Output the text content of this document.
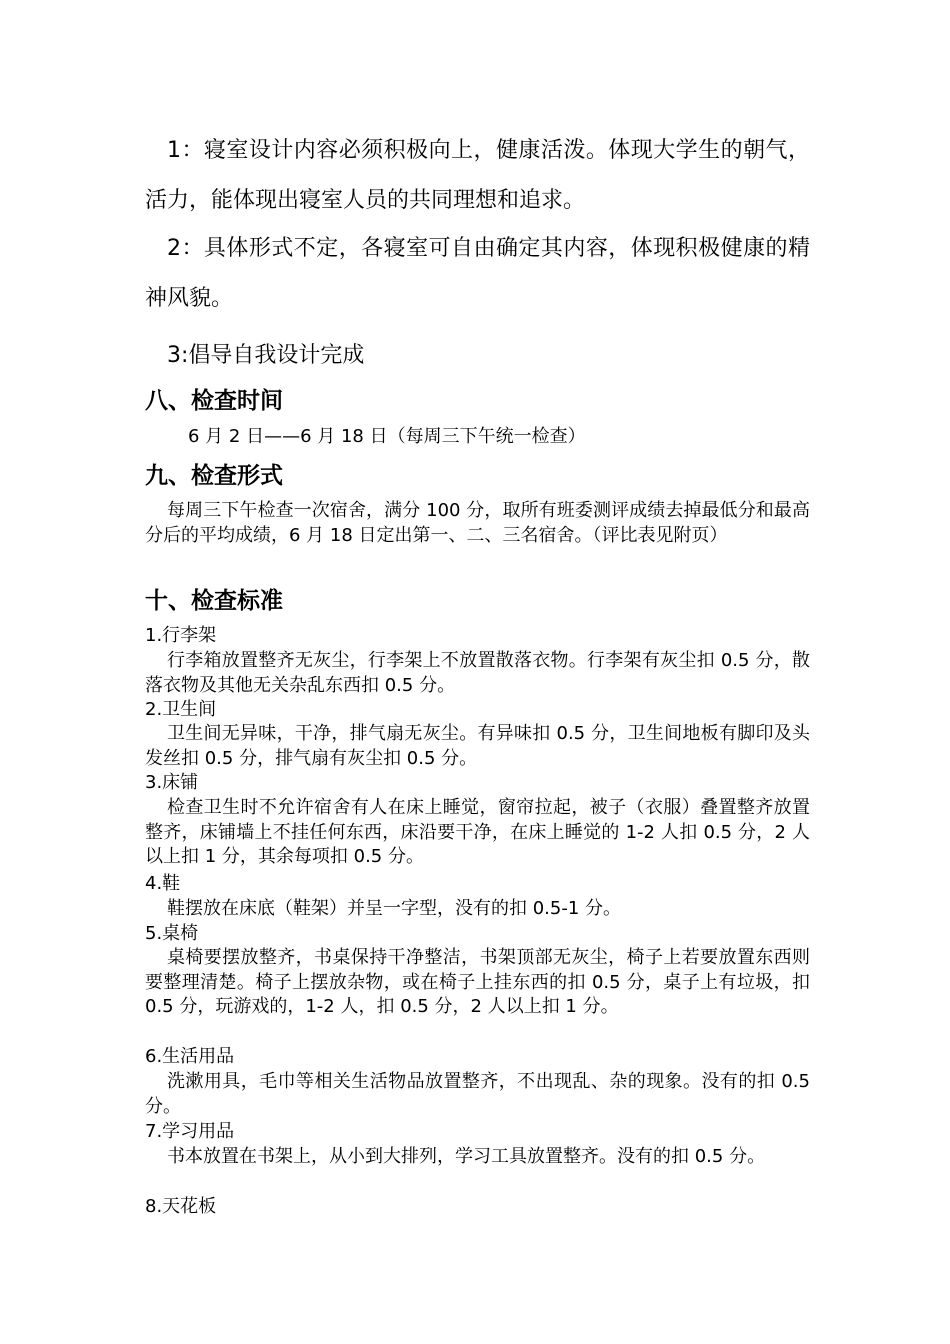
1：寝室设计内容必须积极向上，健康活泼。体现大学生的朝气，活力，能体现出寝室人员的共同理想和追求。

2：具体形式不定，各寝室可自由确定其内容，体现积极健康的精神风貌。

3:倡导自我设计完成

八、检查时间

6 月 2 日——6 月 18 日（每周三下午统一检查）

九、检查形式

每周三下午检查一次宿舍，满分 100 分，取所有班委测评成绩去掉最低分和最高分后的平均成绩，6 月 18 日定出第一、二、三名宿舍。（评比表见附页）

十、检查标准

1.行李架

行李箱放置整齐无灰尘，行李架上不放置散落衣物。行李架有灰尘扣 0.5 分，散落衣物及其他无关杂乱东西扣 0.5 分。

2.卫生间

卫生间无异味，干净，排气扇无灰尘。有异味扣 0.5 分，卫生间地板有脚印及头发丝扣 0.5 分，排气扇有灰尘扣 0.5 分。

3.床铺

检查卫生时不允许宿舍有人在床上睡觉，窗帘拉起，被子（衣服）叠置整齐放置整齐，床铺墙上不挂任何东西，床沿要干净，在床上睡觉的 1-2 人扣 0.5 分，2 人以上扣 1 分，其余每项扣 0.5 分。

4.鞋

鞋摆放在床底（鞋架）并呈一字型，没有的扣 0.5-1 分。

5.桌椅

桌椅要摆放整齐，书桌保持干净整洁，书架顶部无灰尘，椅子上若要放置东西则要整理清楚。椅子上摆放杂物，或在椅子上挂东西的扣 0.5 分，桌子上有垃圾，扣 0.5 分，玩游戏的，1-2 人，扣 0.5 分，2 人以上扣 1 分。

6.生活用品

洗漱用具，毛巾等相关生活物品放置整齐，不出现乱、杂的现象。没有的扣 0.5 分。

7.学习用品

书本放置在书架上，从小到大排列，学习工具放置整齐。没有的扣 0.5 分。

8.天花板
